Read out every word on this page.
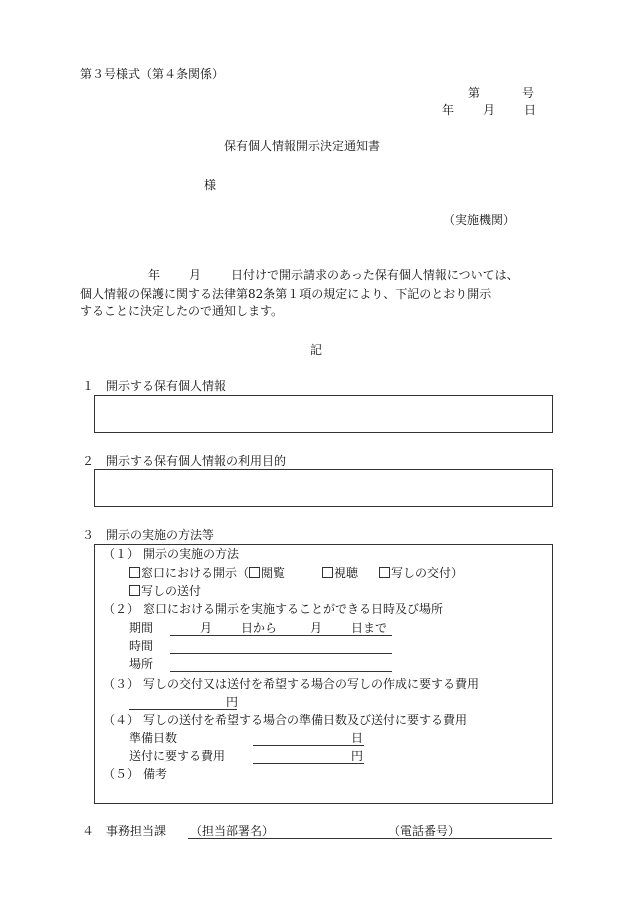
第３号様式（第４条関係）
第	号
年 月 日
保有個人情報開示決定通知書
様
（実施機関）
年 月 日付けで開示請求のあった保有個人情報については、
個人情報の保護に関する法律第82条第１項の規定により、下記のとおり開示
することに決定したので通知します。
記
１ 開示する保有個人情報
２ 開示する保有個人情報の利用目的
３ 開示の実施の方法等
（１） 開示の実施の方法
窓口における開示（ 閲覧	視聴	写しの交付）
写しの送付
（２） 窓口における開示を実施することができる日時及び場所
期間	月 日から	月 日まで
時間
場所
（３） 写しの交付又は送付を希望する場合の写しの作成に要する費用
円
（４） 写しの送付を希望する場合の準備日数及び送付に要する費用
準備日数	日
送付に要する費用	円
（５） 備考
４ 事務担当課 （担当部署名）	（電話番号）
